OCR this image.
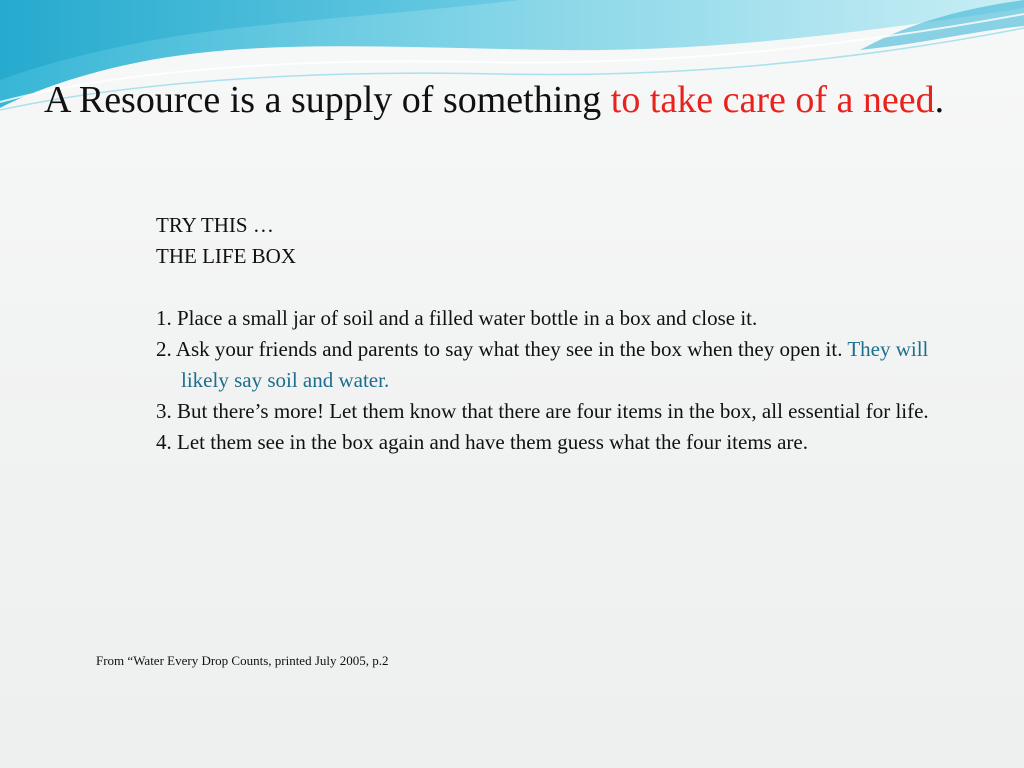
A Resource is a supply of something to take care of a need.

TRY THIS …

THE LIFE BOX

1. Place a small jar of soil and a filled water bottle in a box and close it.

2. Ask your friends and parents to say what they see in the box when they open it. They will likely say soil and water.

3. But there’s more! Let them know that there are four items in the box, all essential for life.

4. Let them see in the box again and have them guess what the four items are.

From “Water Every Drop Counts, printed July 2005, p.2
